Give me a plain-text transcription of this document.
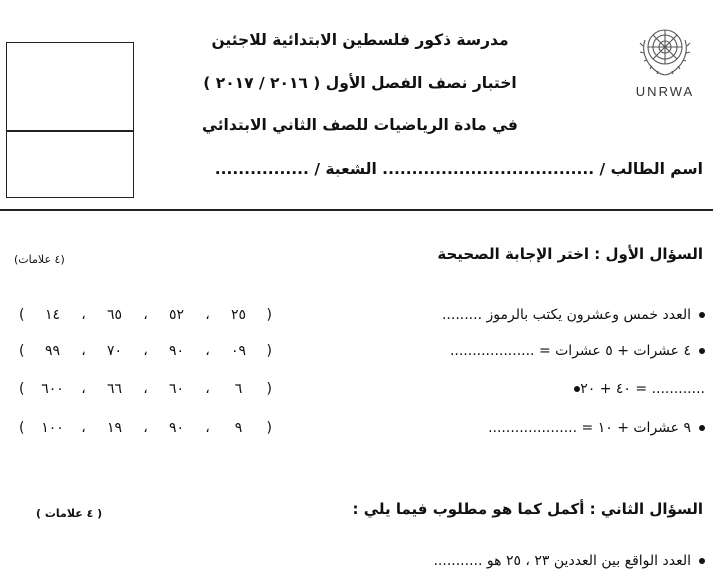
UNRWA
مدرسة ذكور فلسطين الابتدائية للاجئين
اختبار نصف الفصل الأول ( ٢٠١٦ / ٢٠١٧ )
في مادة الرياضيات للصف الثاني الابتدائي
اسم الطالب / .................................... الشعبة / ................
السؤال الأول : اختر الإجابة الصحيحة
(٤ علامات)
العدد خمس وعشرون يكتب بالرموز .........
( ١٤ ، ٦٥ ، ٥٢ ، ٢٥ )
٤ عشرات + ٥ عشرات = ...................
( ٩٩ ، ٧٠ ، ٩٠ ، ٠٩ )
٤٠ + ٢٠ = ............
( ٦٠٠ ، ٦٦ ، ٦٠ ، ٦ )
٩ عشرات + ١٠ = ....................
( ١٠٠ ، ١٩ ، ٩٠ ، ٩ )
السؤال الثاني : أكمل كما هو مطلوب فيما يلي :
( ٤ علامات )
العدد الواقع بين العددين ٢٣ ، ٢٥ هو ...........
